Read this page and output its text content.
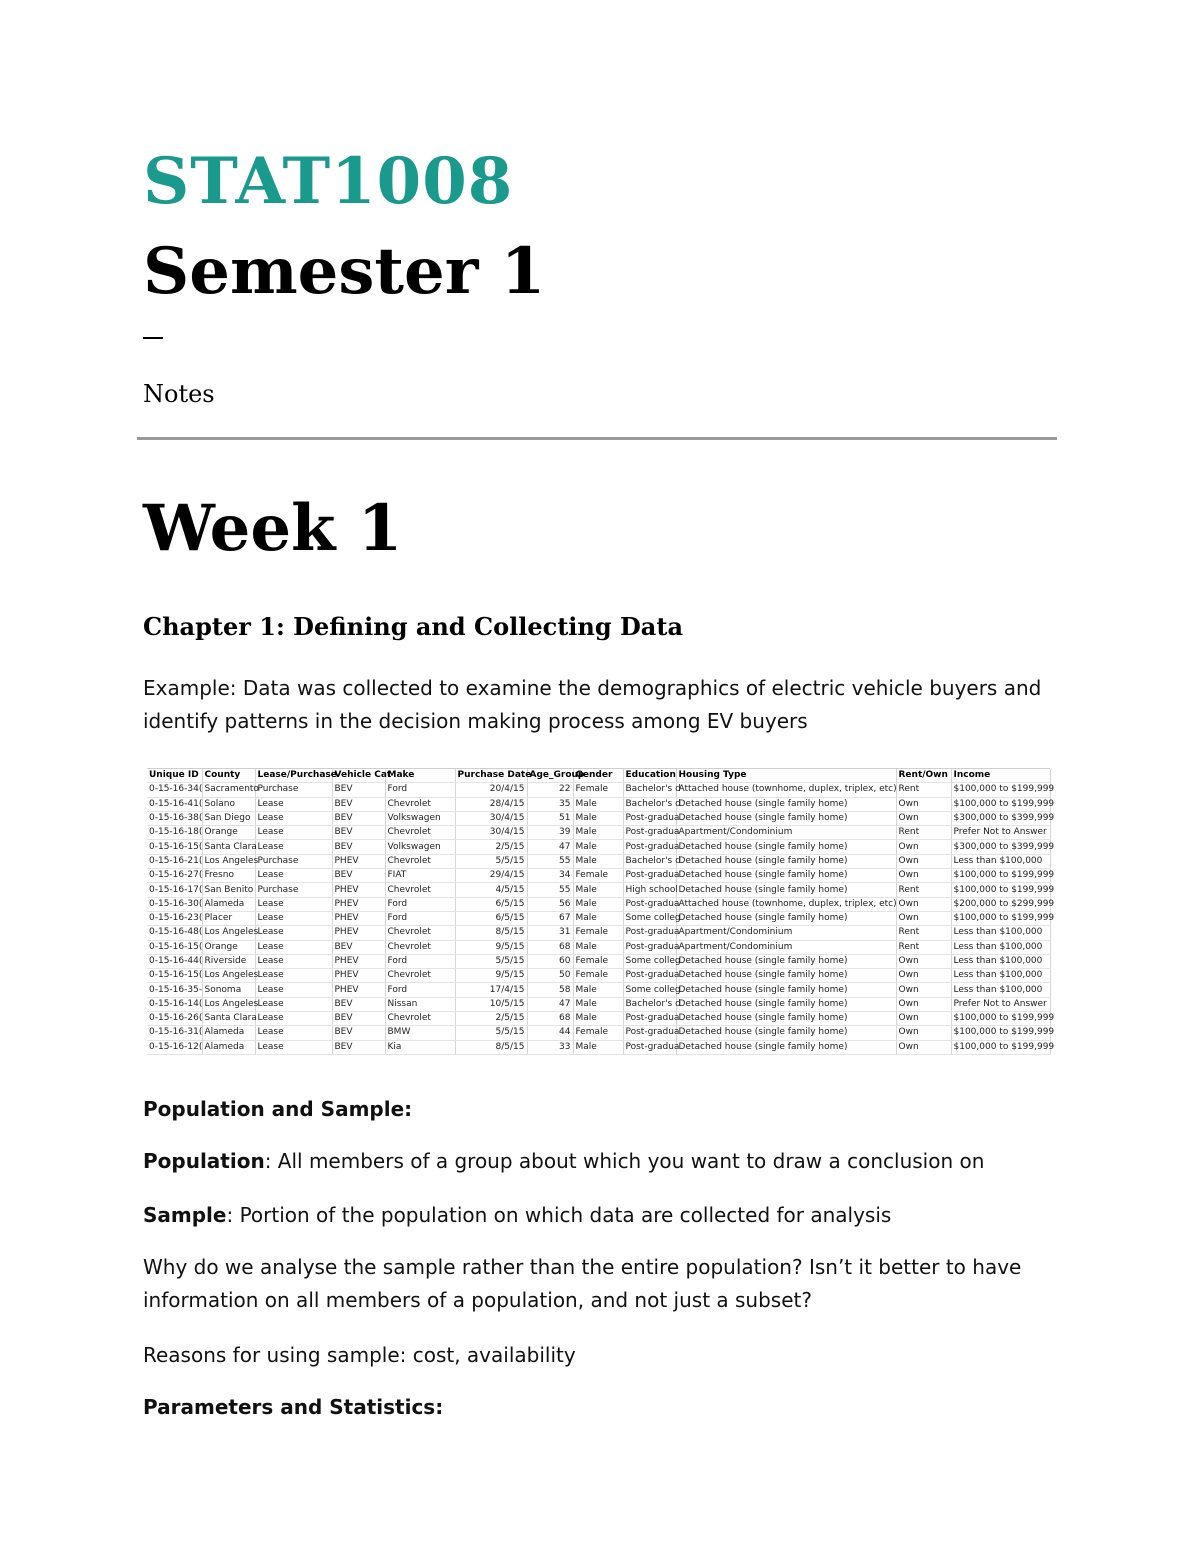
STAT1008
Semester 1
Notes
Week 1
Chapter 1: Defining and Collecting Data
Example: Data was collected to examine the demographics of electric vehicle buyers and identify patterns in the decision making process among EV buyers
Unique ID	County	Lease/Purchase	Vehicle Cat	Make	Purchase Date	Age_Group	Gender	Education	Housing Type	Rent/Own	Income
0-15-16-34(	Sacramento	Purchase	BEV	Ford	20/4/15	22	Female	Bachelor's d	Attached house (townhome, duplex, triplex, etc)	Rent	$100,000 to $199,999
0-15-16-41(	Solano	Lease	BEV	Chevrolet	28/4/15	35	Male	Bachelor's d	Detached house (single family home)	Own	$100,000 to $199,999
0-15-16-38(	San Diego	Lease	BEV	Volkswagen	30/4/15	51	Male	Post-gradua	Detached house (single family home)	Own	$300,000 to $399,999
0-15-16-18(	Orange	Lease	BEV	Chevrolet	30/4/15	39	Male	Post-gradua	Apartment/Condominium	Rent	Prefer Not to Answer
0-15-16-15(	Santa Clara	Lease	BEV	Volkswagen	2/5/15	47	Male	Post-gradua	Detached house (single family home)	Own	$300,000 to $399,999
0-15-16-21(	Los Angeles	Purchase	PHEV	Chevrolet	5/5/15	55	Male	Bachelor's d	Detached house (single family home)	Own	Less than $100,000
0-15-16-27(	Fresno	Lease	BEV	FIAT	29/4/15	34	Female	Post-gradua	Detached house (single family home)	Own	$100,000 to $199,999
0-15-16-17(	San Benito	Purchase	PHEV	Chevrolet	4/5/15	55	Male	High school	Detached house (single family home)	Rent	$100,000 to $199,999
0-15-16-30(	Alameda	Lease	PHEV	Ford	6/5/15	56	Male	Post-gradua	Attached house (townhome, duplex, triplex, etc)	Own	$200,000 to $299,999
0-15-16-23(	Placer	Lease	PHEV	Ford	6/5/15	67	Male	Some colleg	Detached house (single family home)	Own	$100,000 to $199,999
0-15-16-48(	Los Angeles	Lease	PHEV	Chevrolet	8/5/15	31	Female	Post-gradua	Apartment/Condominium	Rent	Less than $100,000
0-15-16-15(	Orange	Lease	BEV	Chevrolet	9/5/15	68	Male	Post-gradua	Apartment/Condominium	Rent	Less than $100,000
0-15-16-44(	Riverside	Lease	PHEV	Ford	5/5/15	60	Female	Some colleg	Detached house (single family home)	Own	Less than $100,000
0-15-16-15(	Los Angeles	Lease	PHEV	Chevrolet	9/5/15	50	Female	Post-gradua	Detached house (single family home)	Own	Less than $100,000
0-15-16-35-	Sonoma	Lease	PHEV	Ford	17/4/15	58	Male	Some colleg	Detached house (single family home)	Own	Less than $100,000
0-15-16-14(	Los Angeles	Lease	BEV	Nissan	10/5/15	47	Male	Bachelor's d	Detached house (single family home)	Own	Prefer Not to Answer
0-15-16-26(	Santa Clara	Lease	BEV	Chevrolet	2/5/15	68	Male	Post-gradua	Detached house (single family home)	Own	$100,000 to $199,999
0-15-16-31(	Alameda	Lease	BEV	BMW	5/5/15	44	Female	Post-gradua	Detached house (single family home)	Own	$100,000 to $199,999
0-15-16-12(	Alameda	Lease	BEV	Kia	8/5/15	33	Male	Post-gradua	Detached house (single family home)	Own	$100,000 to $199,999
Population and Sample:
Population: All members of a group about which you want to draw a conclusion on
Sample: Portion of the population on which data are collected for analysis
Why do we analyse the sample rather than the entire population? Isn’t it better to have information on all members of a population, and not just a subset?
Reasons for using sample: cost, availability
Parameters and Statistics:
